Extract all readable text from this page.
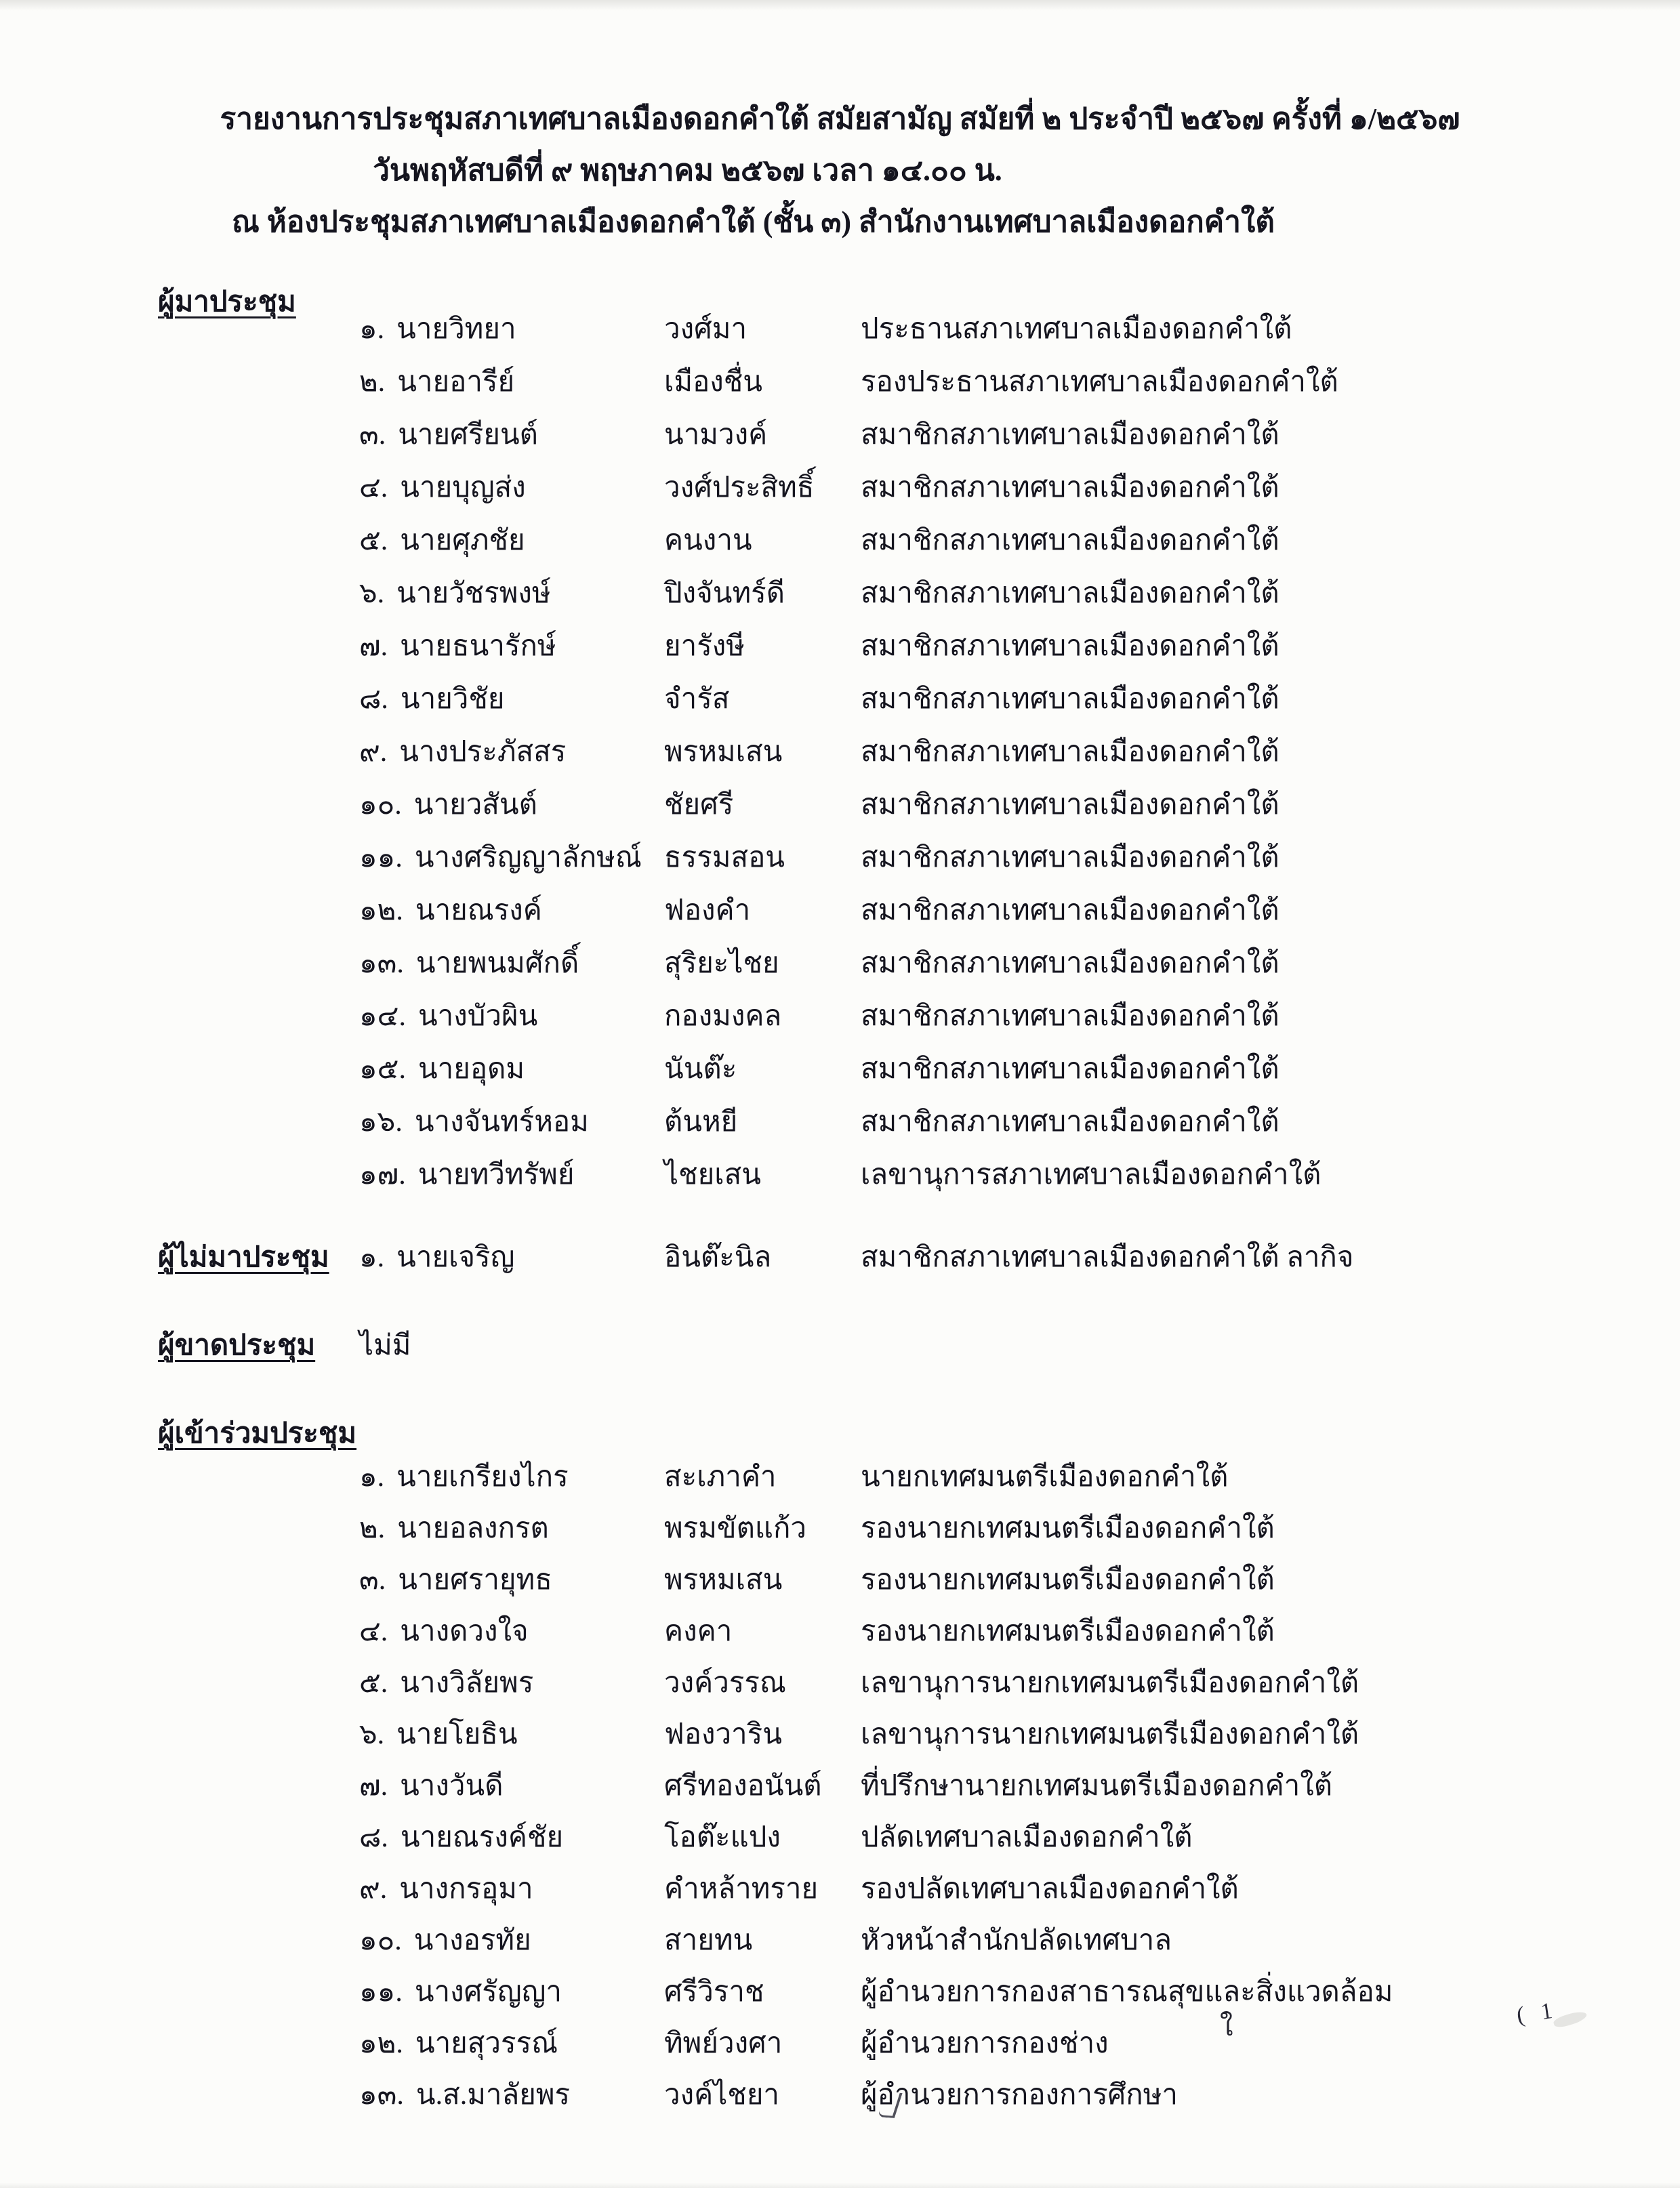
รายงานการประชุมสภาเทศบาลเมืองดอกคำใต้ สมัยสามัญ สมัยที่ ๒ ประจำปี ๒๕๖๗ ครั้งที่ ๑/๒๕๖๗
วันพฤหัสบดีที่ ๙ พฤษภาคม ๒๕๖๗ เวลา ๑๔.๐๐ น.
ณ ห้องประชุมสภาเทศบาลเมืองดอกคำใต้ (ชั้น ๓) สำนักงานเทศบาลเมืองดอกคำใต้
ผู้มาประชุม
๑. นายวิทยา	วงศ์มา	ประธานสภาเทศบาลเมืองดอกคำใต้
๒. นายอารีย์	เมืองชื่น	รองประธานสภาเทศบาลเมืองดอกคำใต้
๓. นายศรียนต์	นามวงค์	สมาชิกสภาเทศบาลเมืองดอกคำใต้
๔. นายบุญส่ง	วงศ์ประสิทธิ์	สมาชิกสภาเทศบาลเมืองดอกคำใต้
๕. นายศุภชัย	คนงาน	สมาชิกสภาเทศบาลเมืองดอกคำใต้
๖. นายวัชรพงษ์	ปิงจันทร์ดี	สมาชิกสภาเทศบาลเมืองดอกคำใต้
๗. นายธนารักษ์	ยารังษี	สมาชิกสภาเทศบาลเมืองดอกคำใต้
๘. นายวิชัย	จำรัส	สมาชิกสภาเทศบาลเมืองดอกคำใต้
๙. นางประภัสสร	พรหมเสน	สมาชิกสภาเทศบาลเมืองดอกคำใต้
๑๐. นายวสันต์	ชัยศรี	สมาชิกสภาเทศบาลเมืองดอกคำใต้
๑๑. นางศริญญาลักษณ์ ธรรมสอน	สมาชิกสภาเทศบาลเมืองดอกคำใต้
๑๒. นายณรงค์	ฟองคำ	สมาชิกสภาเทศบาลเมืองดอกคำใต้
๑๓. นายพนมศักดิ์	สุริยะไชย	สมาชิกสภาเทศบาลเมืองดอกคำใต้
๑๔. นางบัวผิน	กองมงคล	สมาชิกสภาเทศบาลเมืองดอกคำใต้
๑๕. นายอุดม	นันต๊ะ	สมาชิกสภาเทศบาลเมืองดอกคำใต้
๑๖. นางจันทร์หอม	ต้นหยี	สมาชิกสภาเทศบาลเมืองดอกคำใต้
๑๗. นายทวีทรัพย์	ไชยเสน	เลขานุการสภาเทศบาลเมืองดอกคำใต้
ผู้ไม่มาประชุม	๑. นายเจริญ	อินต๊ะนิล	สมาชิกสภาเทศบาลเมืองดอกคำใต้ ลากิจ
ผู้ขาดประชุม	ไม่มี
ผู้เข้าร่วมประชุม
๑. นายเกรียงไกร	สะเภาคำ	นายกเทศมนตรีเมืองดอกคำใต้
๒. นายอลงกรต	พรมขัตแก้ว	รองนายกเทศมนตรีเมืองดอกคำใต้
๓. นายศรายุทธ	พรหมเสน	รองนายกเทศมนตรีเมืองดอกคำใต้
๔. นางดวงใจ	คงคา	รองนายกเทศมนตรีเมืองดอกคำใต้
๕. นางวิลัยพร	วงค์วรรณ	เลขานุการนายกเทศมนตรีเมืองดอกคำใต้
๖. นายโยธิน	ฟองวาริน	เลขานุการนายกเทศมนตรีเมืองดอกคำใต้
๗. นางวันดี	ศรีทองอนันต์	ที่ปรึกษานายกเทศมนตรีเมืองดอกคำใต้
๘. นายณรงค์ชัย	โอต๊ะแปง	ปลัดเทศบาลเมืองดอกคำใต้
๙. นางกรอุมา	คำหล้าทราย	รองปลัดเทศบาลเมืองดอกคำใต้
๑๐. นางอรทัย	สายทน	หัวหน้าสำนักปลัดเทศบาล
๑๑. นางศรัญญา	ศรีวิราช	ผู้อำนวยการกองสาธารณสุขและสิ่งแวดล้อม
๑๒. นายสุวรรณ์	ทิพย์วงศา	ผู้อำนวยการกองช่าง
๑๓. น.ส.มาลัยพร	วงค์ไชยา	ผู้อำนวยการกองการศึกษา
ใ	( 1
